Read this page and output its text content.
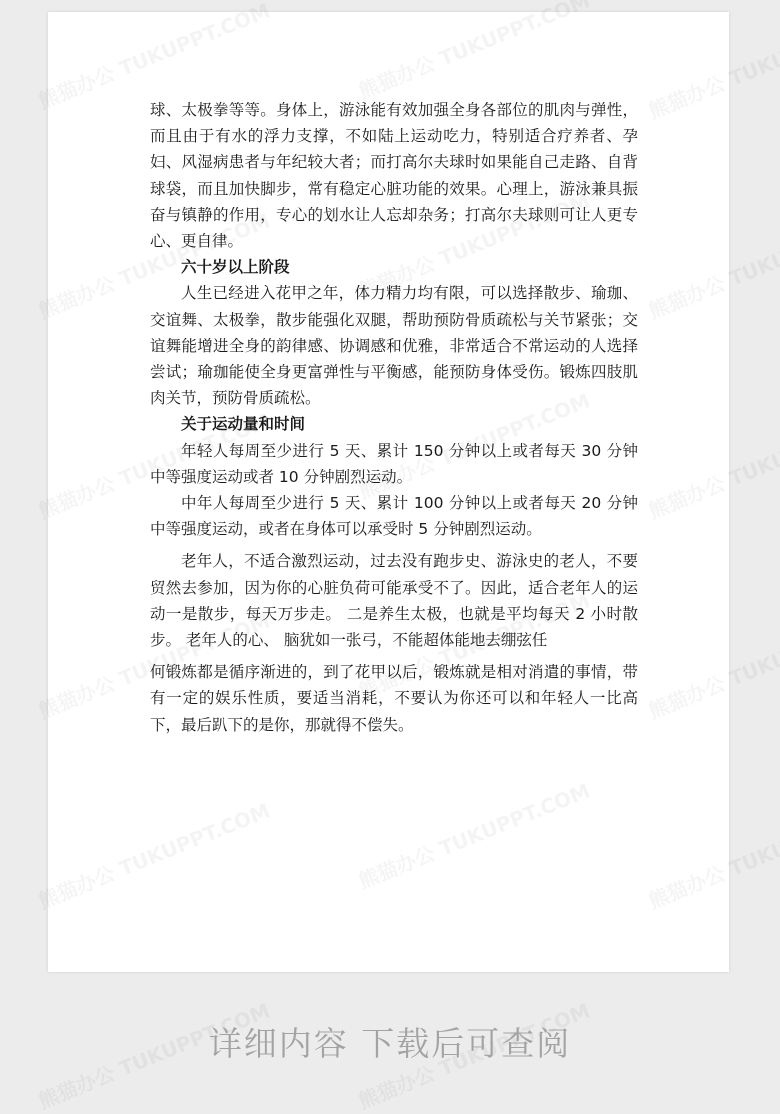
球、太极拳等等。身体上，游泳能有效加强全身各部位的肌肉与弹性，而且由于有水的浮力支撑，不如陆上运动吃力，特别适合疗养者、孕妇、风湿病患者与年纪较大者；而打高尔夫球时如果能自己走路、自背球袋，而且加快脚步，常有稳定心脏功能的效果。心理上，游泳兼具振奋与镇静的作用，专心的划水让人忘却杂务；打高尔夫球则可让人更专心、更自律。

六十岁以上阶段

人生已经进入花甲之年，体力精力均有限，可以选择散步、瑜珈、交谊舞、太极拳，散步能强化双腿，帮助预防骨质疏松与关节紧张；交谊舞能增进全身的韵律感、协调感和优雅，非常适合不常运动的人选择尝试；瑜珈能使全身更富弹性与平衡感，能预防身体受伤。锻炼四肢肌肉关节，预防骨质疏松。

关于运动量和时间

年轻人每周至少进行 5 天、累计 150 分钟以上或者每天 30 分钟中等强度运动或者 10 分钟剧烈运动。

中年人每周至少进行 5 天、累计 100 分钟以上或者每天 20 分钟中等强度运动，或者在身体可以承受时 5 分钟剧烈运动。

老年人，不适合激烈运动，过去没有跑步史、游泳史的老人，不要贸然去参加，因为你的心脏负荷可能承受不了。因此，适合老年人的运动一是散步，每天万步走。 二是养生太极，也就是平均每天 2 小时散步。 老年人的心、 脑犹如一张弓，不能超体能地去绷弦任

何锻炼都是循序渐进的，到了花甲以后，锻炼就是相对消遣的事情，带有一定的娱乐性质，要适当消耗，不要认为你还可以和年轻人一比高下，最后趴下的是你，那就得不偿失。

详细内容 下载后可查阅
